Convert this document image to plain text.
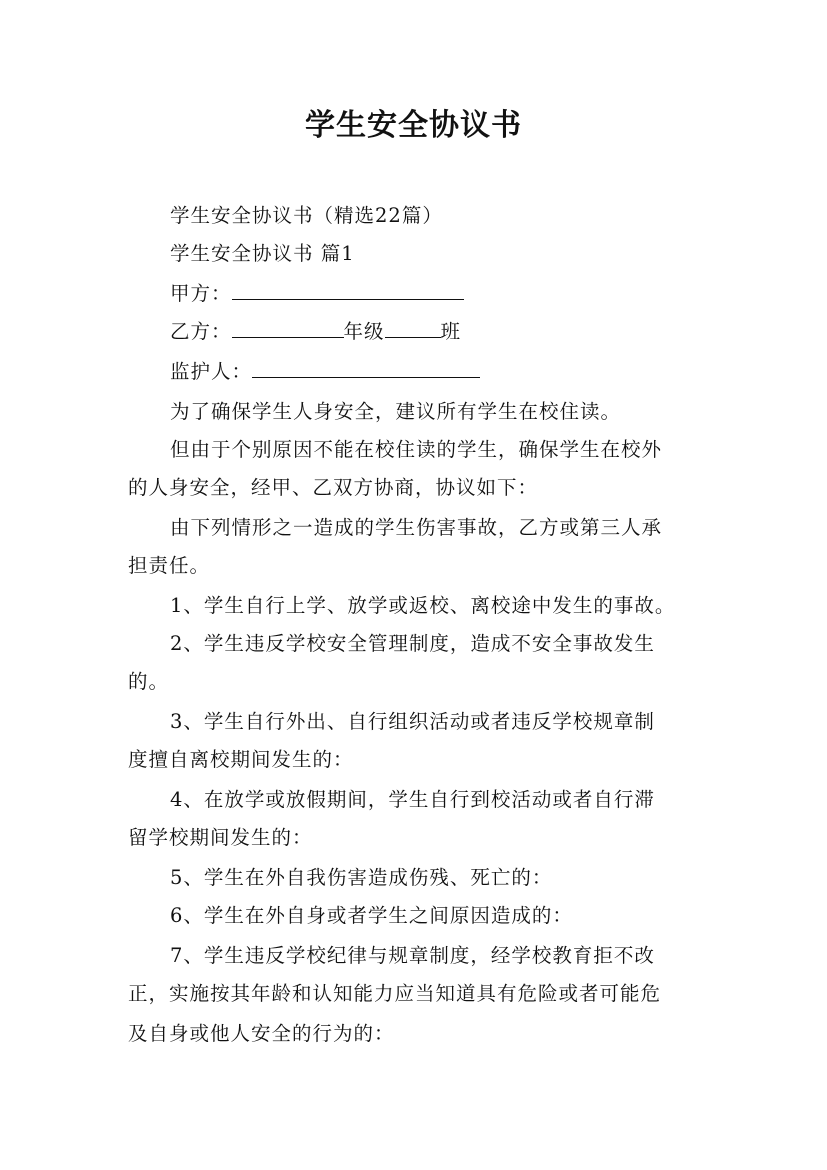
学生安全协议书
学生安全协议书（精选22篇）
学生安全协议书 篇1
甲方：
乙方：	年级	班
监护人：
为了确保学生人身安全，建议所有学生在校住读。
但由于个别原因不能在校住读的学生，确保学生在校外
的人身安全，经甲、乙双方协商，协议如下：
由下列情形之一造成的学生伤害事故，乙方或第三人承
担责任。
1、学生自行上学、放学或返校、离校途中发生的事故。
2、学生违反学校安全管理制度，造成不安全事故发生
的。
3、学生自行外出、自行组织活动或者违反学校规章制
度擅自离校期间发生的：
4、在放学或放假期间，学生自行到校活动或者自行滞
留学校期间发生的：
5、学生在外自我伤害造成伤残、死亡的：
6、学生在外自身或者学生之间原因造成的：
7、学生违反学校纪律与规章制度，经学校教育拒不改
正，实施按其年龄和认知能力应当知道具有危险或者可能危
及自身或他人安全的行为的：
